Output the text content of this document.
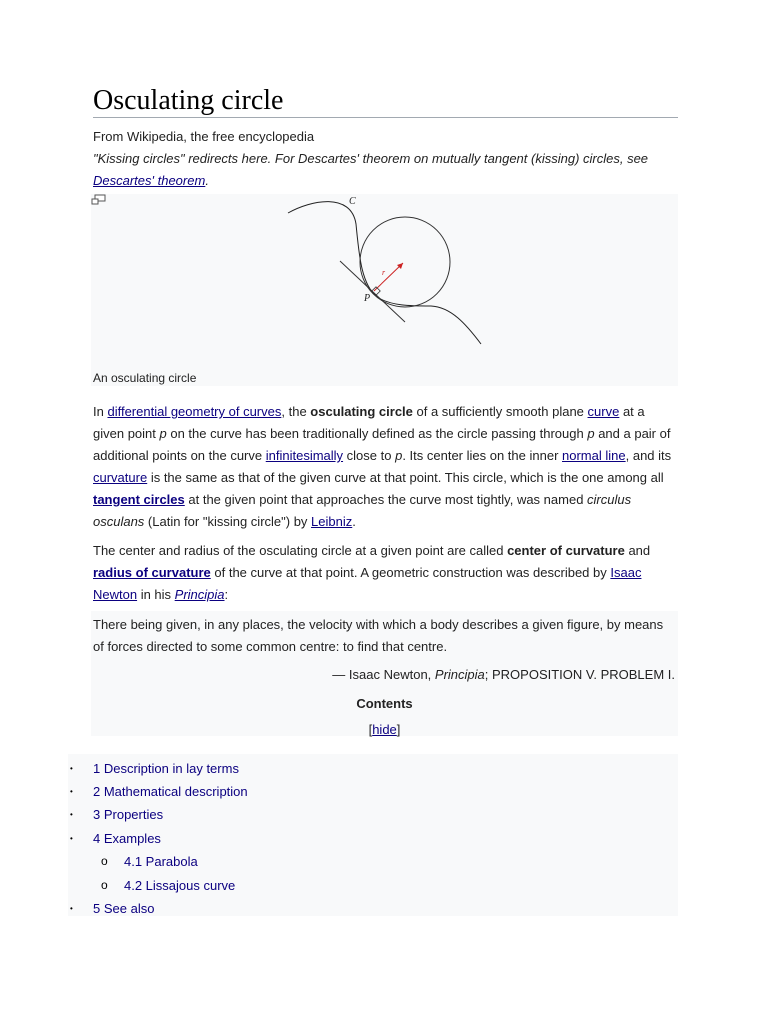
Osculating circle
From Wikipedia, the free encyclopedia
"Kissing circles" redirects here. For Descartes' theorem on mutually tangent (kissing) circles, see Descartes' theorem.
C
P
r
An osculating circle
In differential geometry of curves, the osculating circle of a sufficiently smooth plane curve at a given point p on the curve has been traditionally defined as the circle passing through p and a pair of additional points on the curve infinitesimally close to p. Its center lies on the inner normal line, and its curvature is the same as that of the given curve at that point. This circle, which is the one among all tangent circles at the given point that approaches the curve most tightly, was named circulus osculans (Latin for "kissing circle") by Leibniz.
The center and radius of the osculating circle at a given point are called center of curvature and radius of curvature of the curve at that point. A geometric construction was described by Isaac Newton in his Principia:
There being given, in any places, the velocity with which a body describes a given figure, by means of forces directed to some common centre: to find that centre.
— Isaac Newton, Principia; PROPOSITION V. PROBLEM I.
Contents
[hide]
• 1 Description in lay terms
• 2 Mathematical description
• 3 Properties
• 4 Examples
o 4.1 Parabola
o 4.2 Lissajous curve
• 5 See also
